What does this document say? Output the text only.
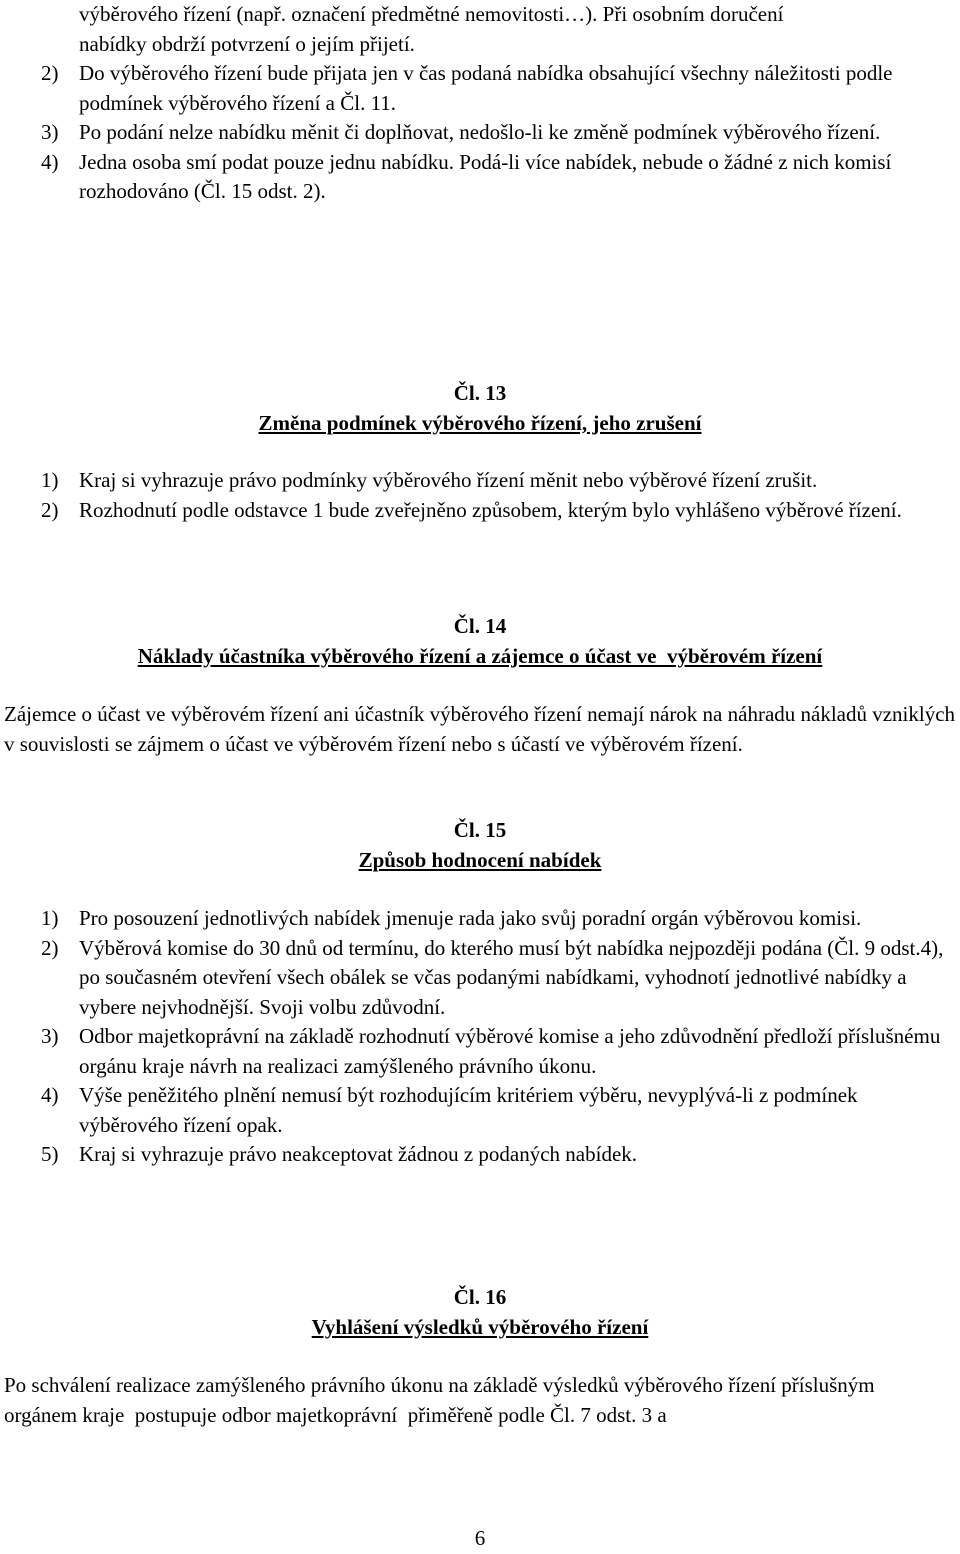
výběrového řízení (např. označení předmětné nemovitosti…). Při osobním doručení
nabídky obdrží potvrzení o jejím přijetí.
2) Do výběrového řízení bude přijata jen v čas podaná nabídka obsahující všechny náležitosti podle podmínek výběrového řízení a Čl. 11.
3) Po podání nelze nabídku měnit či doplňovat, nedošlo-li ke změně podmínek výběrového řízení.
4) Jedna osoba smí podat pouze jednu nabídku. Podá-li více nabídek, nebude o žádné z nich komisí rozhodováno (Čl. 15 odst. 2).
Čl. 13
Změna podmínek výběrového řízení, jeho zrušení
1) Kraj si vyhrazuje právo podmínky výběrového řízení měnit nebo výběrové řízení zrušit.
2) Rozhodnutí podle odstavce 1 bude zveřejněno způsobem, kterým bylo vyhlášeno výběrové řízení.
Čl. 14
Náklady účastníka výběrového řízení a zájemce o účast ve  výběrovém řízení

Zájemce o účast ve výběrovém řízení ani účastník výběrového řízení nemají nárok na náhradu nákladů vzniklých v souvislosti se zájmem o účast ve výběrovém řízení nebo s účastí ve výběrovém řízení.

Čl. 15
Způsob hodnocení nabídek
1) Pro posouzení jednotlivých nabídek jmenuje rada jako svůj poradní orgán výběrovou komisi.
2) Výběrová komise do 30 dnů od termínu, do kterého musí být nabídka nejpozději podána (Čl. 9 odst.4), po současném otevření všech obálek se včas podanými nabídkami, vyhodnotí jednotlivé nabídky a vybere nejvhodnější. Svoji volbu zdůvodní.
3) Odbor majetkoprávní na základě rozhodnutí výběrové komise a jeho zdůvodnění předloží příslušnému orgánu kraje návrh na realizaci zamýšleného právního úkonu.
4) Výše peněžitého plnění nemusí být rozhodujícím kritériem výběru, nevyplývá-li z podmínek výběrového řízení opak.
5) Kraj si vyhrazuje právo neakceptovat žádnou z podaných nabídek.
Čl. 16
Vyhlášení výsledků výběrového řízení

Po schválení realizace zamýšleného právního úkonu na základě výsledků výběrového řízení příslušným orgánem kraje  postupuje odbor majetkoprávní  přiměřeně podle Čl. 7 odst. 3 a

6
